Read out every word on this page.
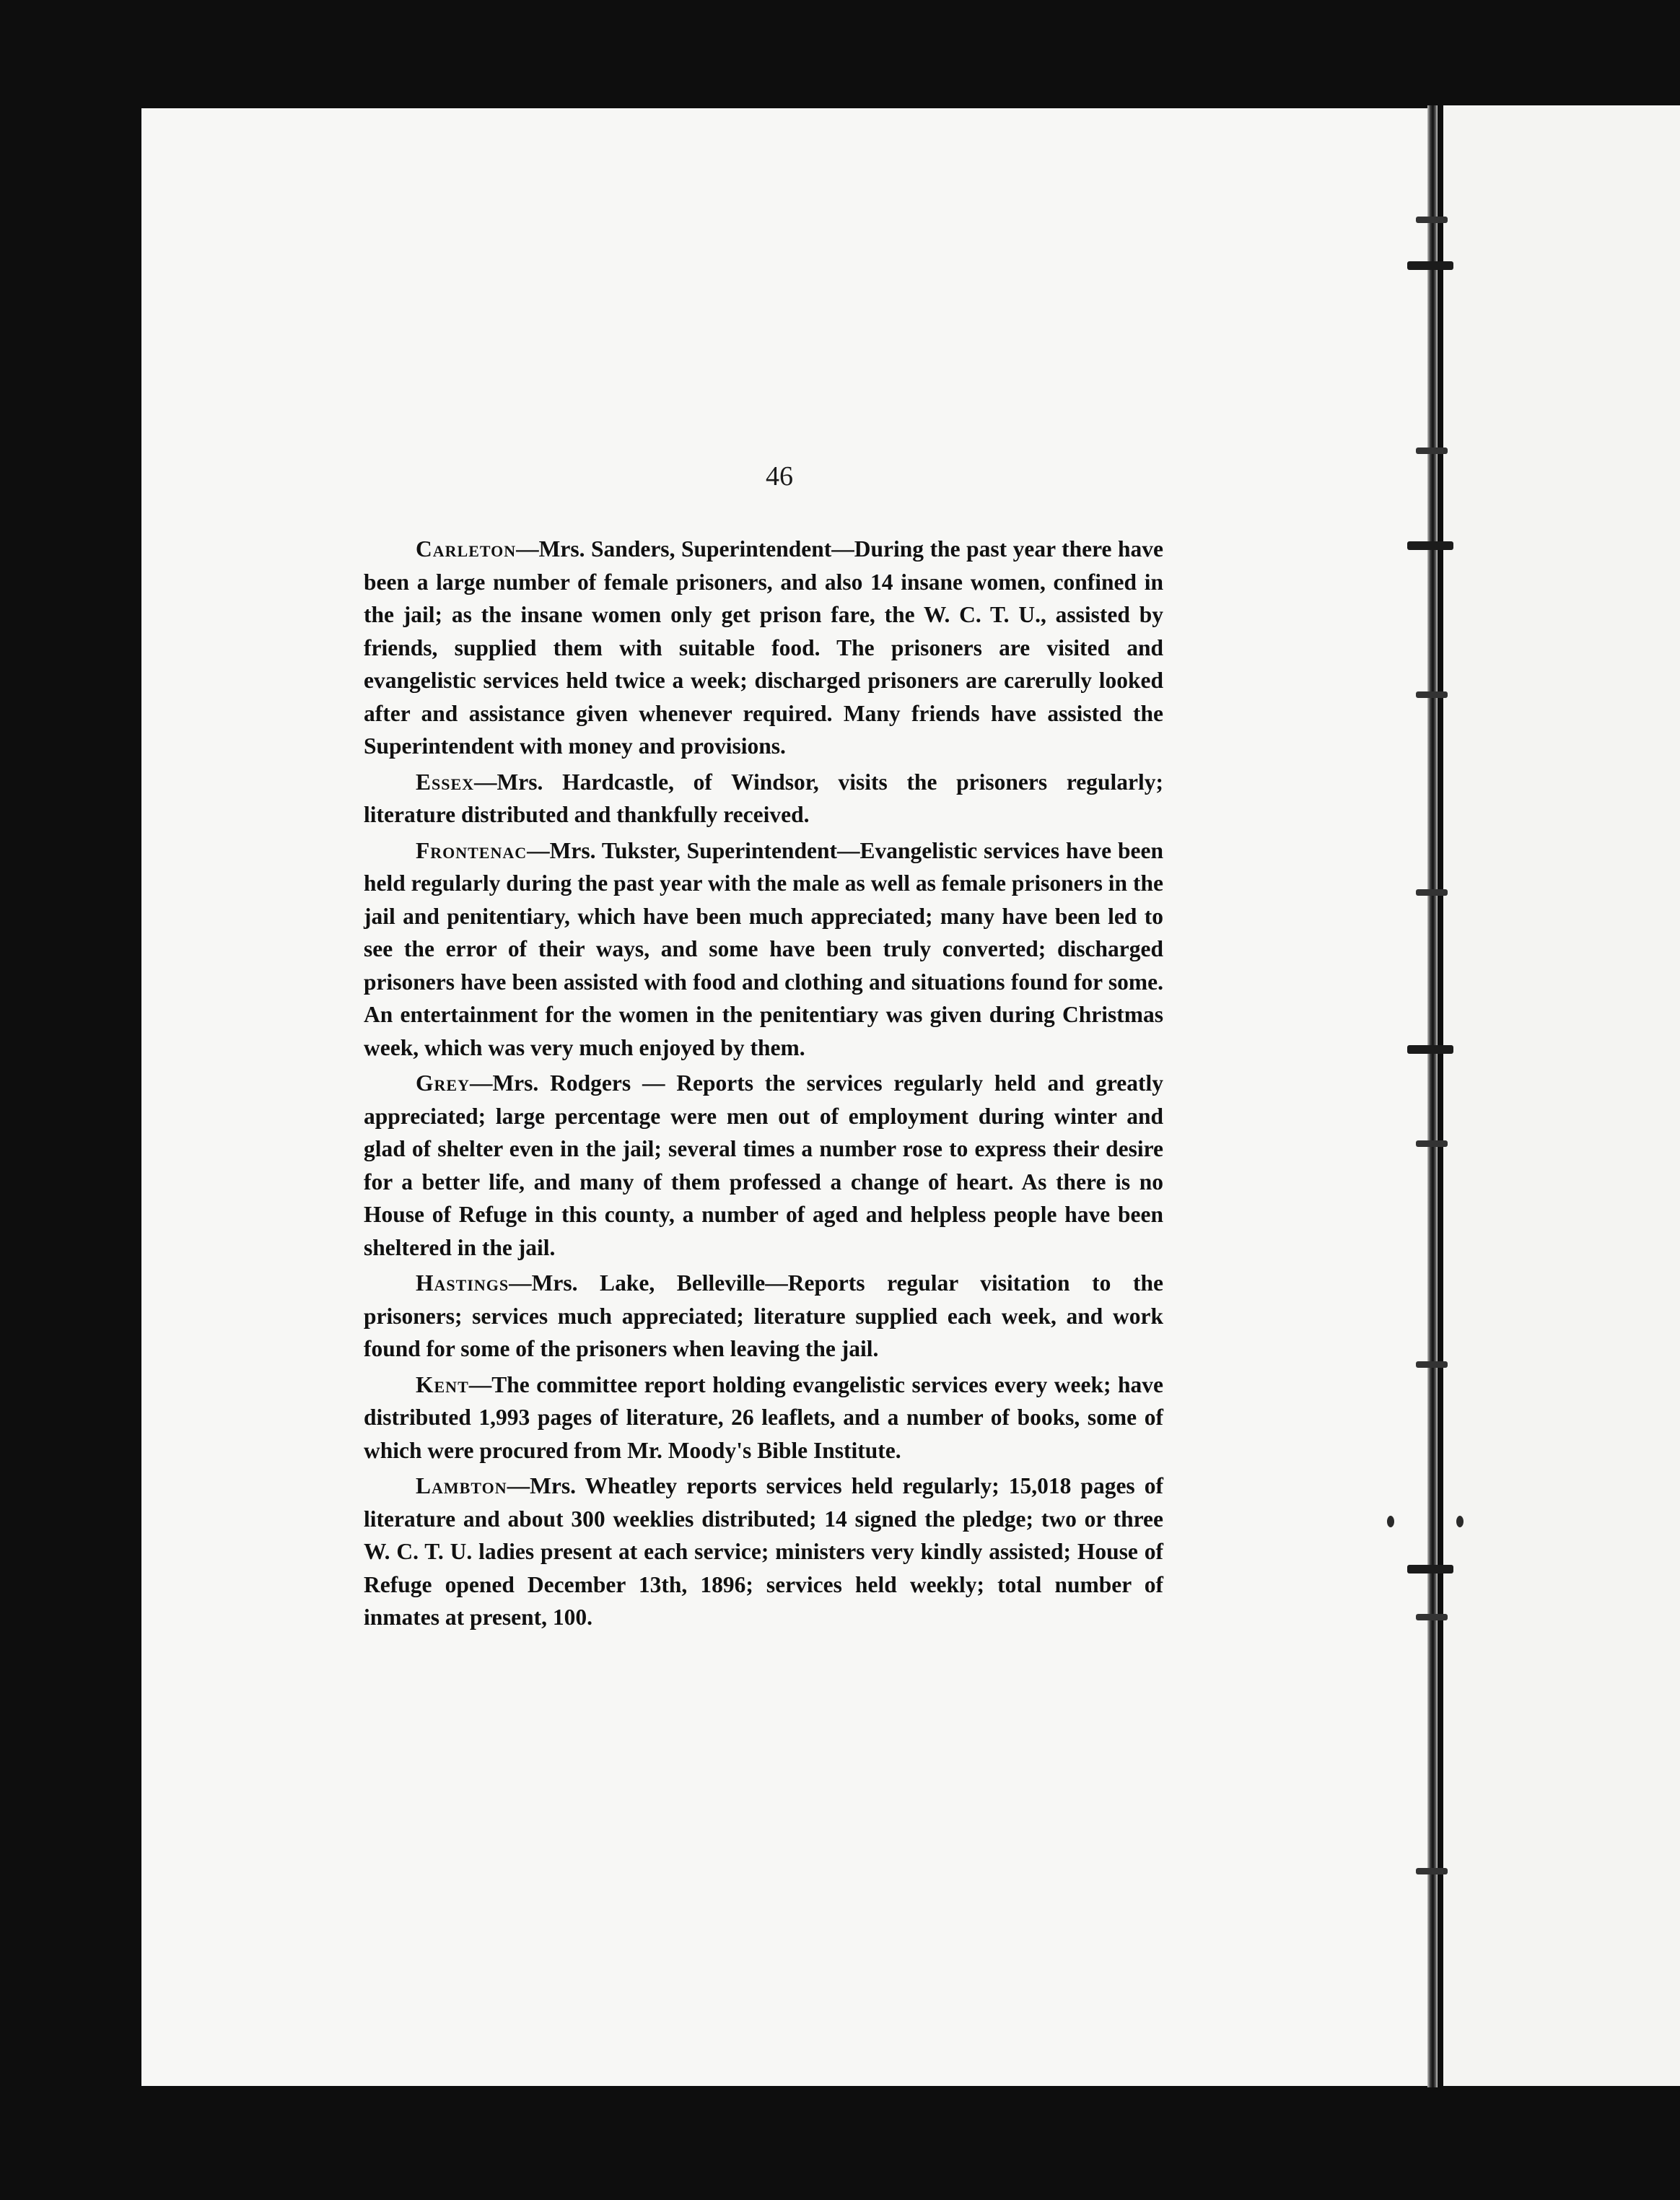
46

Carleton—Mrs. Sanders, Superintendent—During the past year there have been a large number of female prisoners, and also 14 insane women, confined in the jail; as the insane women only get prison fare, the W. C. T. U., assisted by friends, supplied them with suitable food. The prisoners are visited and evangelistic services held twice a week; discharged prisoners are carerully looked after and assistance given whenever required. Many friends have assisted the Superintendent with money and provisions.

Essex—Mrs. Hardcastle, of Windsor, visits the prisoners regularly; literature distributed and thankfully received.

Frontenac—Mrs. Tukster, Superintendent—Evangelistic services have been held regularly during the past year with the male as well as female prisoners in the jail and penitentiary, which have been much appreciated; many have been led to see the error of their ways, and some have been truly converted; discharged prisoners have been assisted with food and clothing and situations found for some. An entertainment for the women in the penitentiary was given during Christmas week, which was very much enjoyed by them.

Grey—Mrs. Rodgers — Reports the services regularly held and greatly appreciated; large percentage were men out of employment during winter and glad of shelter even in the jail; several times a number rose to express their desire for a better life, and many of them professed a change of heart. As there is no House of Refuge in this county, a number of aged and helpless people have been sheltered in the jail.

Hastings—Mrs. Lake, Belleville—Reports regular visitation to the prisoners; services much appreciated; literature supplied each week, and work found for some of the prisoners when leaving the jail.

Kent—The committee report holding evangelistic services every week; have distributed 1,993 pages of literature, 26 leaflets, and a number of books, some of which were procured from Mr. Moody's Bible Institute.

Lambton—Mrs. Wheatley reports services held regularly; 15,018 pages of literature and about 300 weeklies distributed; 14 signed the pledge; two or three W. C. T. U. ladies present at each service; ministers very kindly assisted; House of Refuge opened December 13th, 1896; services held weekly; total number of inmates at present, 100.
